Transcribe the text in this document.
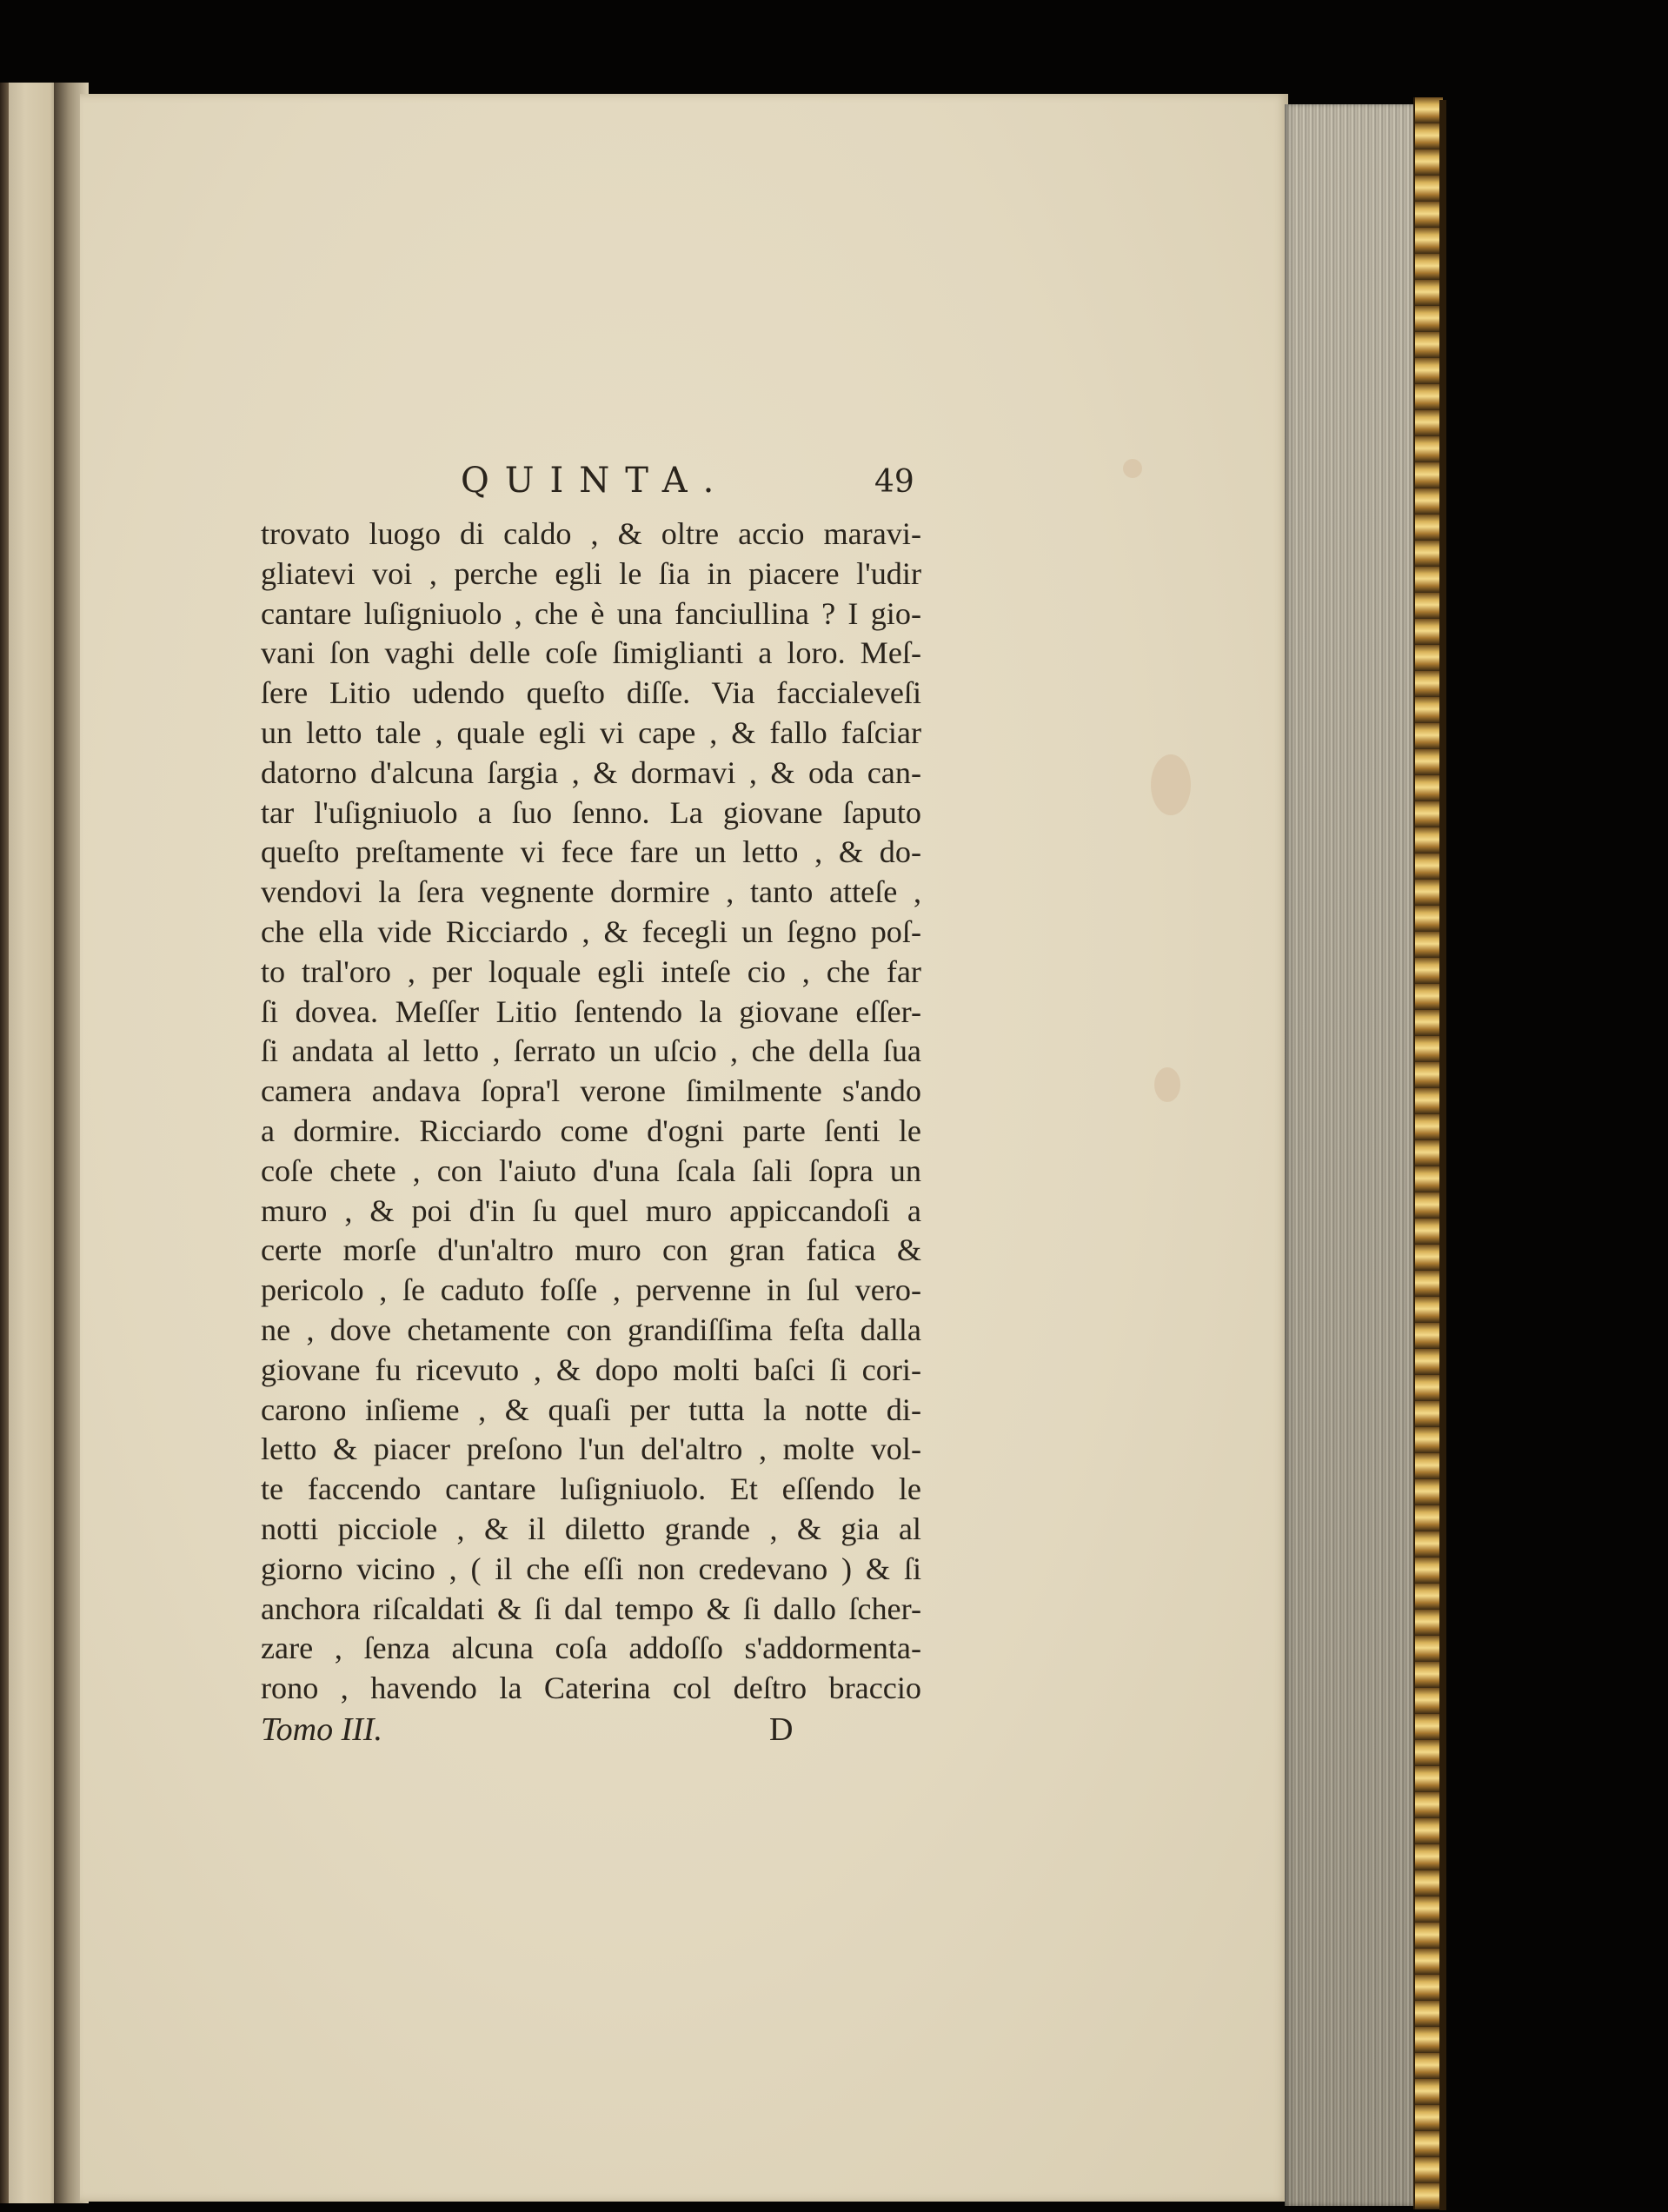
QUINTA.	49
trovato luogo di caldo , & oltre accio maravi-
gliatevi voi , perche egli le ſia in piacere l'udir
cantare luſigniuolo , che è una fanciullina ? I gio-
vani ſon vaghi delle coſe ſimiglianti a loro. Meſ-
ſere Litio udendo queſto diſſe. Via faccialeveſi
un letto tale , quale egli vi cape , & fallo faſciar
datorno d'alcuna ſargia , & dormavi , & oda can-
tar l'uſigniuolo a ſuo ſenno. La giovane ſaputo
queſto preſtamente vi fece fare un letto , & do-
vendovi la ſera vegnente dormire , tanto atteſe ,
che ella vide Ricciardo , & fecegli un ſegno poſ-
to tral'oro , per loquale egli inteſe cio , che far
ſi dovea. Meſſer Litio ſentendo la giovane eſſer-
ſi andata al letto , ſerrato un uſcio , che della ſua
camera andava ſopra'l verone ſimilmente s'ando
a dormire. Ricciardo come d'ogni parte ſenti le
coſe chete , con l'aiuto d'una ſcala ſali ſopra un
muro , & poi d'in ſu quel muro appiccandoſi a
certe morſe d'un'altro muro con gran fatica &
pericolo , ſe caduto foſſe , pervenne in ſul vero-
ne , dove chetamente con grandiſſima feſta dalla
giovane fu ricevuto , & dopo molti baſci ſi cori-
carono inſieme , & quaſi per tutta la notte di-
letto & piacer preſono l'un del'altro , molte vol-
te faccendo cantare luſigniuolo. Et eſſendo le
notti picciole , & il diletto grande , & gia al
giorno vicino , ( il che eſſi non credevano ) & ſi
anchora riſcaldati & ſi dal tempo & ſi dallo ſcher-
zare , ſenza alcuna coſa addoſſo s'addormenta-
rono , havendo la Caterina col deſtro braccio
Tomo III.	D
